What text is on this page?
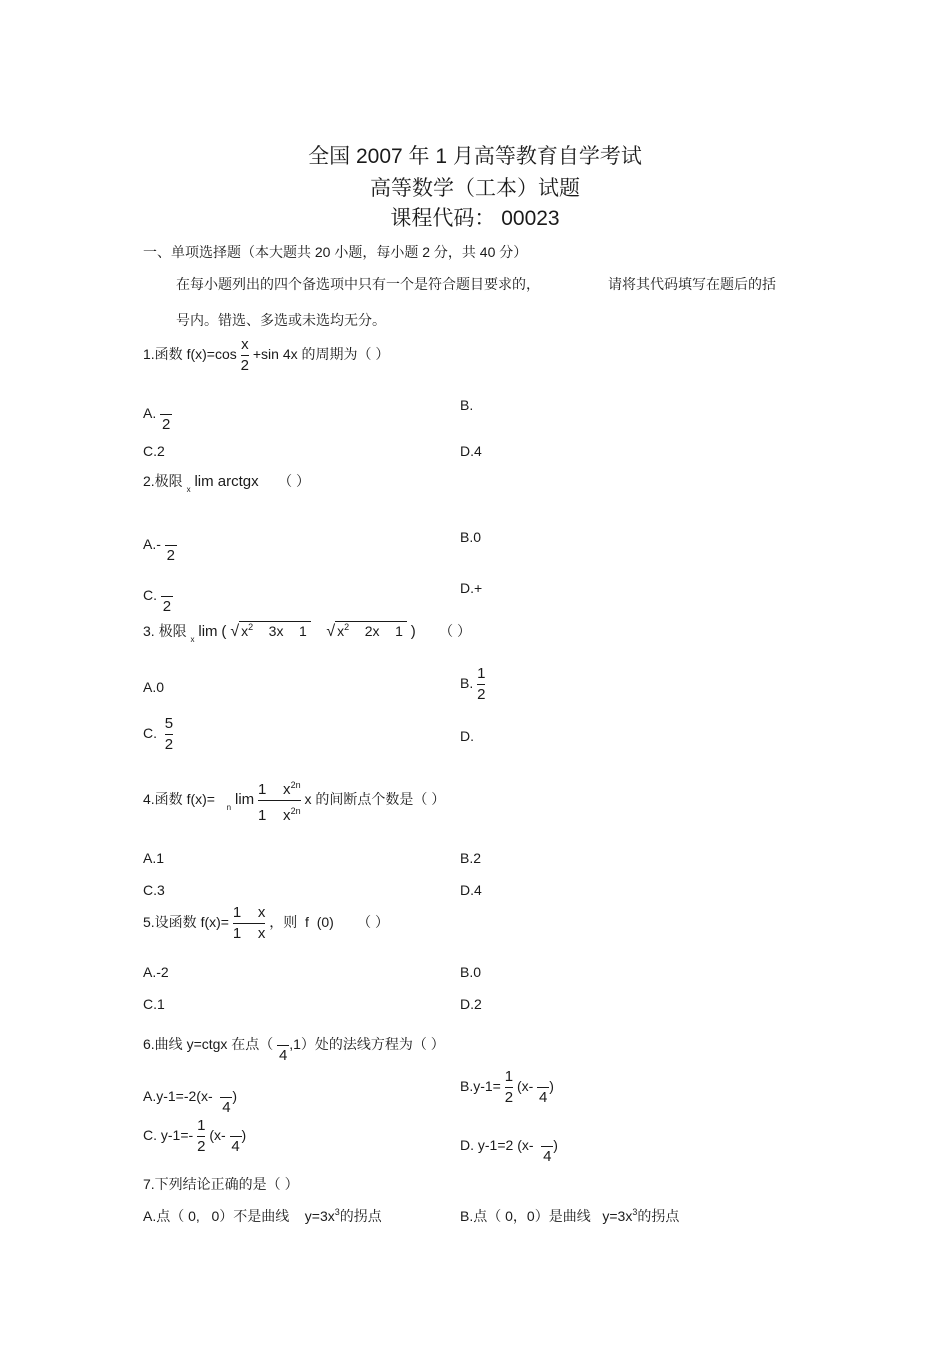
全国 2007 年 1 月高等教育自学考试
高等数学（工本）试题
课程代码： 00023
一、单项选择题（本大题共 20 小题，每小题 2 分，共 40 分）
在每小题列出的四个备选项中只有一个是符合题目要求的，	请将其代码填写在题后的括
号内。错选、多选或未选均无分。
1.函数 $f(x)=\cos \frac{x}{2} +\sin$ 4x 的周期为（ ）
A.

2
B.
C.2	D.4
2.极限 $_x$ lim arctgx （ ）
A.-

2
B.0
C.

2
D.+
3. 极限 $_x$ lim ( √ $x^2$    3x    1 √ $x^2$    2x    1 ) （ ）
A.0	B. $\frac{1}{2}$
C. $\frac{5}{2}$	D.
4.函数 f(x)=   $_n$ $\lim \frac{1 x^{2n}}{1 x^{2n}}$ x 的间断点个数是（ ）
A.1	B.2
C.3	D.4
5.设函数 $f(x)= \frac{1 x}{1 x}$ ，则  f  (0) （ ）
A.-2	B.0
C.1	D.2
6.曲线 y=ctgx 在点（

4
,1）处的法线方程为（ ）
A.y-1=-2(x-

4
)
$B.y-1= \frac{1}{2} (x-$

4
)
C. $y-1=- \frac{1}{2} (x-$

4
)
D. y-1=2 (x-

4
)
7.下列结论正确的是（ ）
A.点（ 0,   0）不是曲线    $y=3x^3$的拐点	B.点（ 0，0）是曲线   $y=3x^3$的拐点
